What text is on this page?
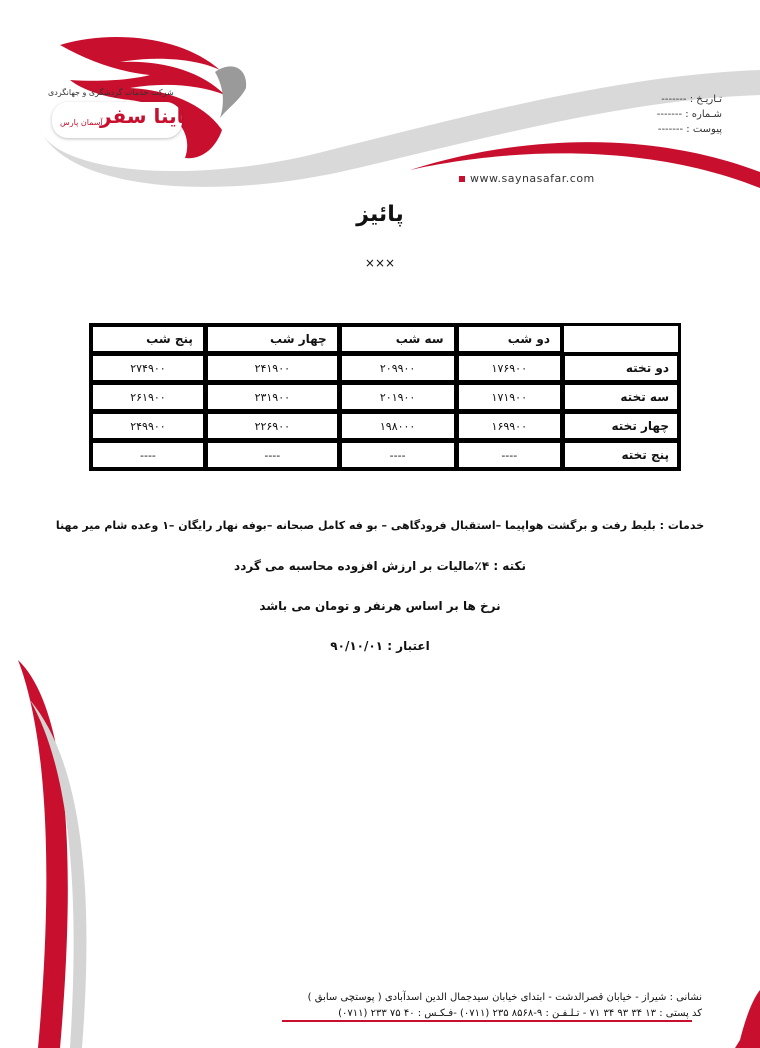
شرکت خدمات گردشگری و جهانگردی
ساینا سفر
آسمان پارس
تـاریـخ : -------
شـماره : -------
پیوست : -------
www.saynasafar.com
پائیز
×××
	دو شب	سه شب	چهار شب	پنج شب
دو تخته	۱۷۶۹۰۰	۲۰۹۹۰۰	۲۴۱۹۰۰	۲۷۴۹۰۰
سه تخته	۱۷۱۹۰۰	۲۰۱۹۰۰	۲۳۱۹۰۰	۲۶۱۹۰۰
چهار تخته	۱۶۹۹۰۰	۱۹۸۰۰۰	۲۲۶۹۰۰	۲۴۹۹۰۰
پنج تخته	----	----	----	----
خدمات : بلیط رفت و برگشت هواپیما –استقبال فرودگاهی – بو فه کامل صبحانه –بوفه نهار رایگان –۱ وعده شام میر مهنا
نکته : ۴٪مالیات بر ارزش افزوده محاسبه می گردد
نرخ ها بر اساس هرنفر و تومان می باشد
اعتبار : ۹۰/۱۰/۰۱
نشانی : شیراز - خیابان قصرالدشت - ابتدای خیابان سیدجمال الدین اسدآبادی ( پوستچی سابق )
کد پستی : ۱۳ ۳۴ ۹۳ ۳۴ ۷۱ - تـلـفـن : ۹-۸۵۶۸ ۲۳۵ (۰۷۱۱) -فـکـس : ۴۰ ۷۵ ۲۳۳ (۰۷۱۱)
